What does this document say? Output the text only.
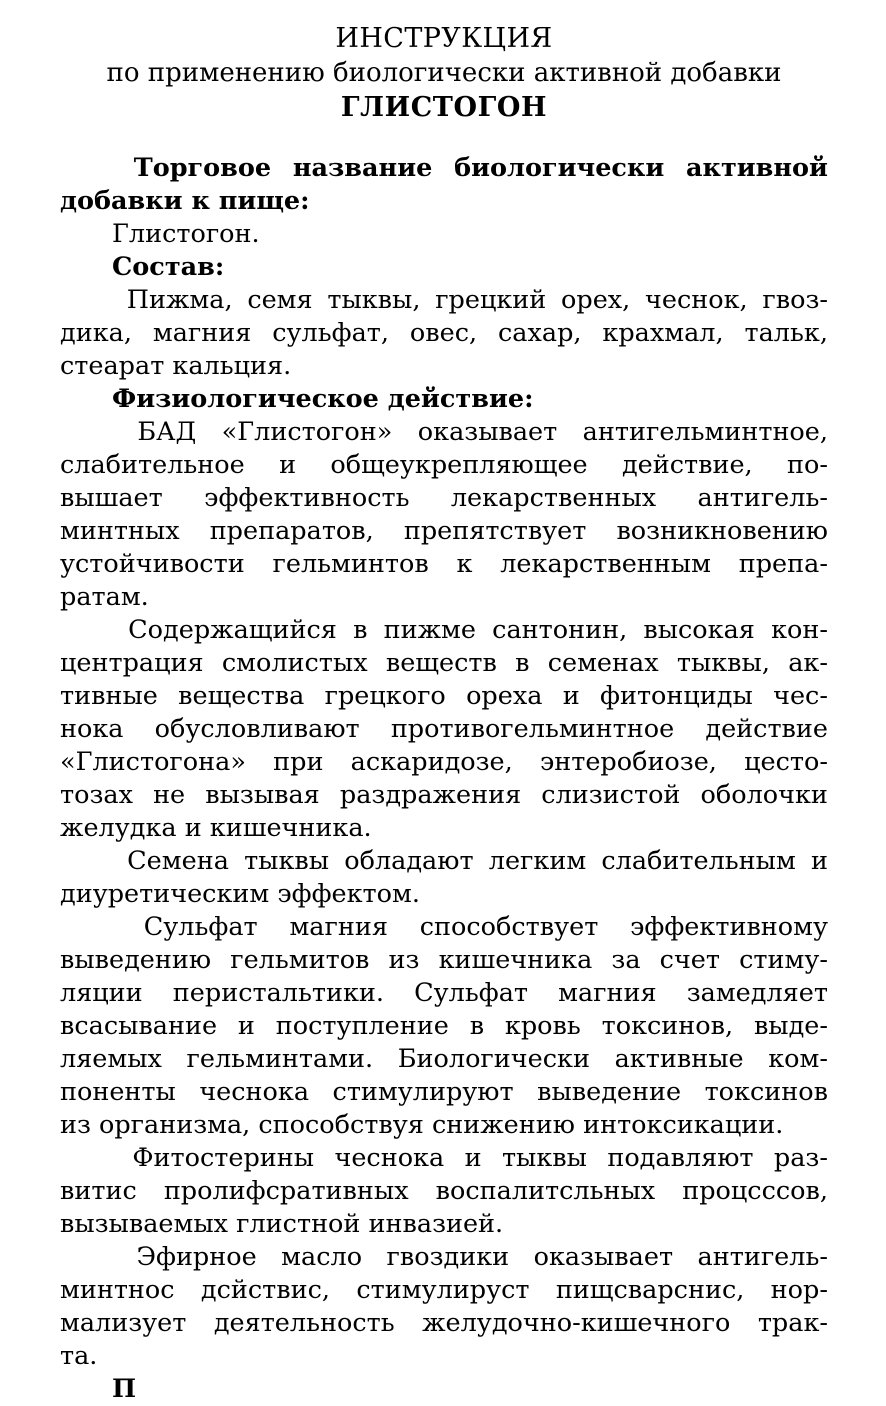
ИНСТРУКЦИЯ
по применению биологически активной добавки
ГЛИСТОГОН
Торговое название биологически активной
добавки к пище:
Глистогон.
Состав:
Пижма, семя тыквы, грецкий орех, чеснок, гвоз-
дика, магния сульфат, овес, сахар, крахмал, тальк,
стеарат кальция.
Физиологическое действие:
БАД «Глистогон» оказывает антигельминтное,
слабительное и общеукрепляющее действие, по-
вышает эффективность лекарственных антигель-
минтных препаратов, препятствует возникновению
устойчивости гельминтов к лекарственным препа-
ратам.
Содержащийся в пижме сантонин, высокая кон-
центрация смолистых веществ в семенах тыквы, ак-
тивные вещества грецкого ореха и фитонциды чес-
нока обусловливают противогельминтное действие
«Глистогона» при аскаридозе, энтеробиозе, цесто-
тозах не вызывая раздражения слизистой оболочки
желудка и кишечника.
Семена тыквы обладают легким слабительным и
диуретическим эффектом.
Сульфат магния способствует эффективному
выведению гельмитов из кишечника за счет стиму-
ляции перистальтики. Сульфат магния замедляет
всасывание и поступление в кровь токсинов, выде-
ляемых гельминтами. Биологически активные ком-
поненты чеснока стимулируют выведение токсинов
из организма, способствуя снижению интоксикации.
Фитостерины чеснока и тыквы подавляют раз-
витис пролифсративных воспалитсльных процсссов,
вызываемых глистной инвазией.
Эфирное масло гвоздики оказывает антигель-
минтнос дсйствис, стимулируст пищсварснис, нор-
мализует деятельность желудочно-кишечного трак-
та.
П
